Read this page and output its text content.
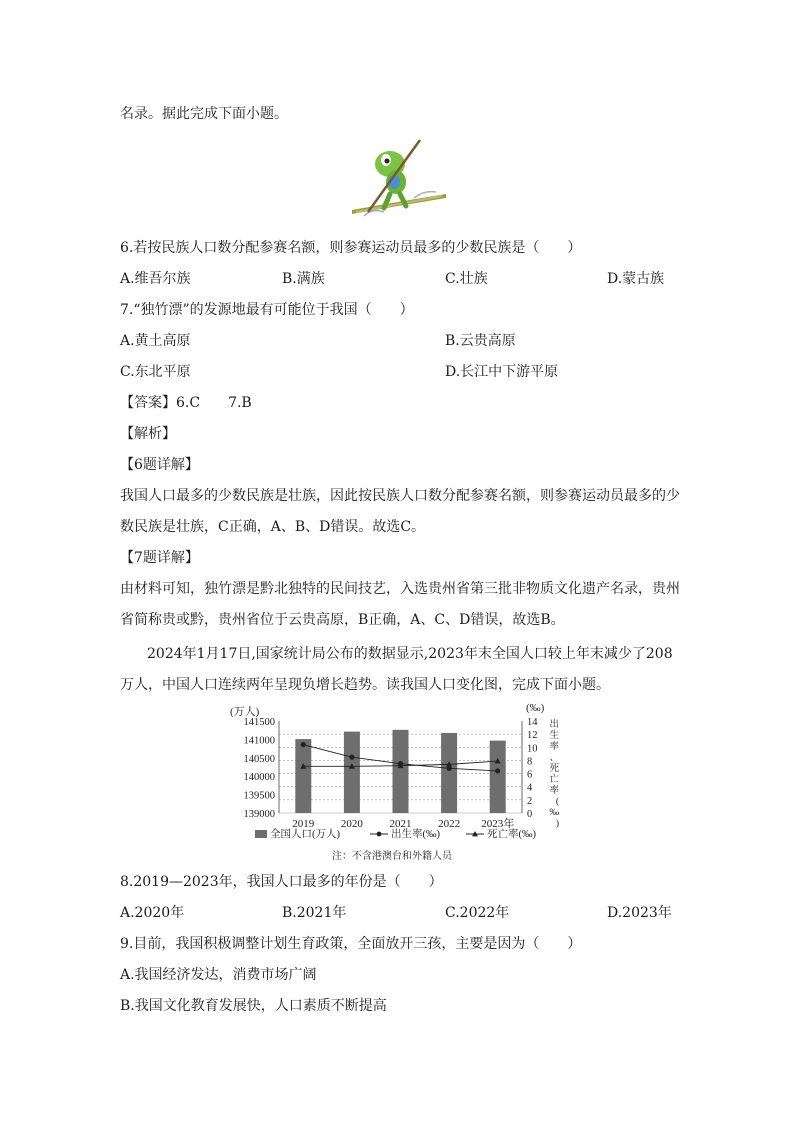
名录。据此完成下面小题。
6.若按民族人口数分配参赛名额，则参赛运动员最多的少数民族是（　　）
A.维吾尔族	B.满族	C.壮族	D.蒙古族
7.“独竹漂”的发源地最有可能位于我国（　　）
A.黄土高原	B.云贵高原
C.东北平原	D.长江中下游平原
【答案】6.C　　7.B
【解析】
【6题详解】
我国人口最多的少数民族是壮族，因此按民族人口数分配参赛名额，则参赛运动员最多的少
数民族是壮族，C正确，A、B、D错误。故选C。
【7题详解】
由材料可知，独竹漂是黔北独特的民间技艺，入选贵州省第三批非物质文化遗产名录，贵州
省简称贵或黔，贵州省位于云贵高原，B正确，A、C、D错误，故选B。
2024年1月17日,国家统计局公布的数据显示,2023年末全国人口较上年末减少了208
万人，中国人口连续两年呈现负增长趋势。读我国人口变化图，完成下面小题。
(万人)	(‰)
141500
141000
140500
140000
139500
139000
14
12
10
8
6
4
2
0
出
生
率
、
死
亡
率
(
‰
)
2019 2020 2021 2022 2023年
全国人口(万人)	出生率(‰)	死亡率(‰)
注：不含港澳台和外籍人员
8.2019—2023年，我国人口最多的年份是（　　）
A.2020年	B.2021年	C.2022年	D.2023年
9.目前，我国积极调整计划生育政策，全面放开三孩，主要是因为（　　）
A.我国经济发达，消费市场广阔
B.我国文化教育发展快，人口素质不断提高
